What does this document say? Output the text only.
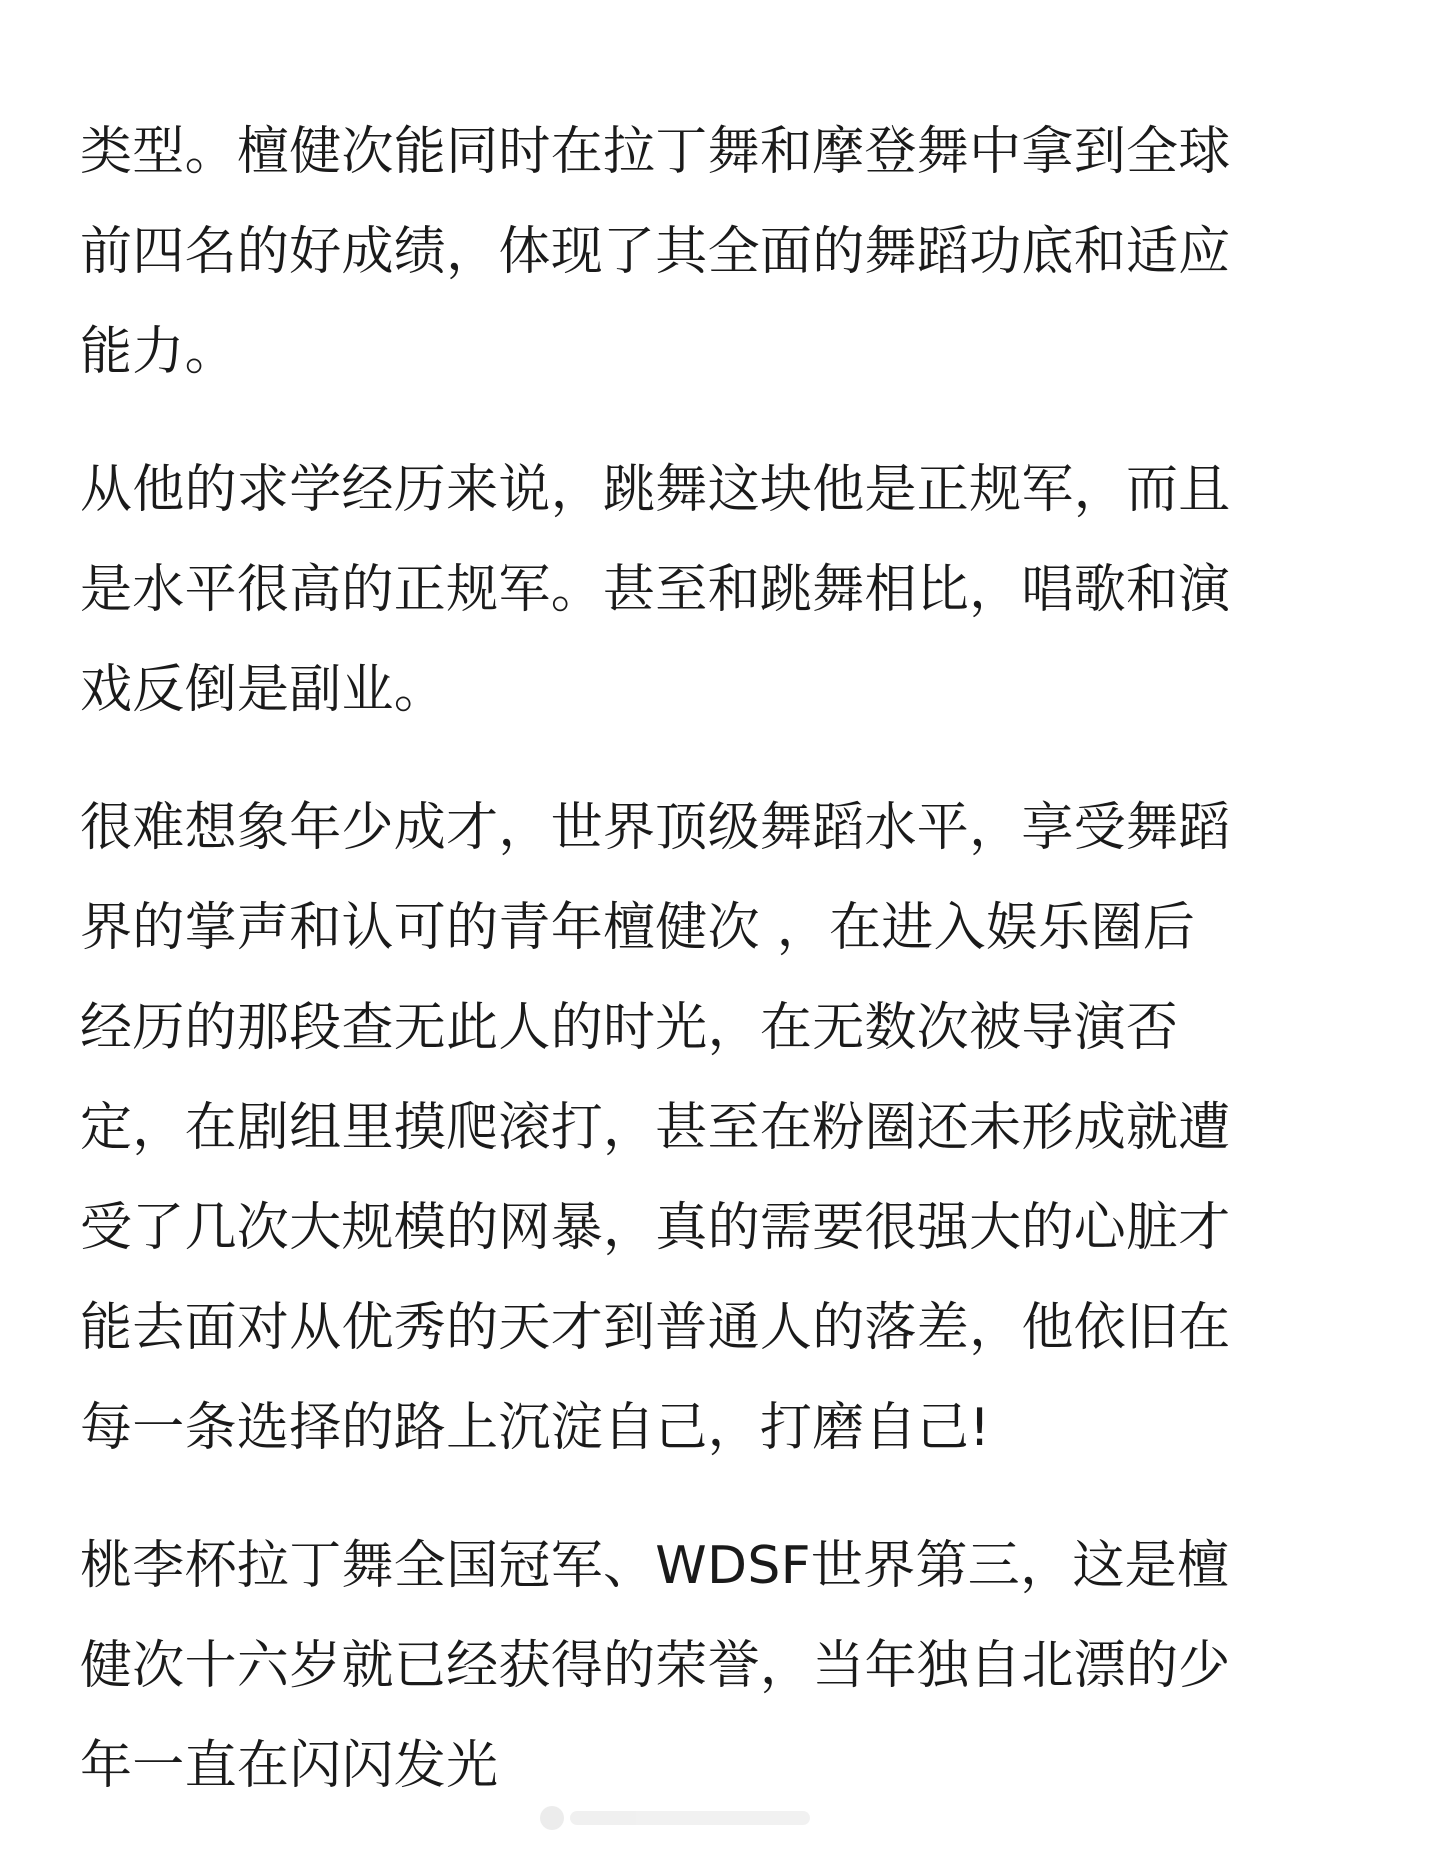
类型。檀健次能同时在拉丁舞和摩登舞中拿到全球
前四名的好成绩，体现了其全面的舞蹈功底和适应
能力。

从他的求学经历来说，跳舞这块他是正规军，而且
是水平很高的正规军。甚至和跳舞相比，唱歌和演
戏反倒是副业。

很难想象年少成才，世界顶级舞蹈水平，享受舞蹈
界的掌声和认可的青年檀健次 ，在进入娱乐圈后
经历的那段查无此人的时光，在无数次被导演否
定，在剧组里摸爬滚打，甚至在粉圈还未形成就遭
受了几次大规模的网暴，真的需要很强大的心脏才
能去面对从优秀的天才到普通人的落差，他依旧在
每一条选择的路上沉淀自己，打磨自己!

桃李杯拉丁舞全国冠军、WDSF世界第三，这是檀
健次十六岁就已经获得的荣誉，当年独自北漂的少
年一直在闪闪发光
